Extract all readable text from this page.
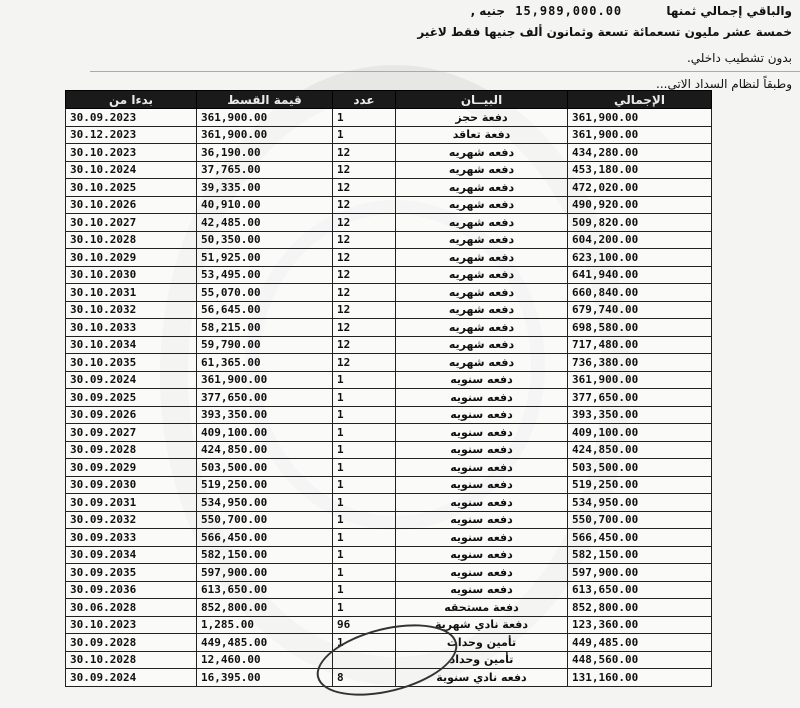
والباقي إجمالي ثمنها 15,989,000.00 جنيه ,
خمسة عشر مليون تسعمائة تسعة وثمانون ألف جنيها فقط لاغير
بدون تشطيب داخلي.
وطبقاً لنظام السداد الاتي...
بدءا من	قيمة القسط	عدد	البيــان	الإجمالي
30.09.2023	361,900.00	1	دفعة حجز	361,900.00
30.12.2023	361,900.00	1	دفعة تعاقد	361,900.00
30.10.2023	36,190.00	12	دفعه شهريه	434,280.00
30.10.2024	37,765.00	12	دفعه شهريه	453,180.00
30.10.2025	39,335.00	12	دفعه شهريه	472,020.00
30.10.2026	40,910.00	12	دفعه شهريه	490,920.00
30.10.2027	42,485.00	12	دفعه شهريه	509,820.00
30.10.2028	50,350.00	12	دفعه شهريه	604,200.00
30.10.2029	51,925.00	12	دفعه شهريه	623,100.00
30.10.2030	53,495.00	12	دفعه شهريه	641,940.00
30.10.2031	55,070.00	12	دفعه شهريه	660,840.00
30.10.2032	56,645.00	12	دفعه شهريه	679,740.00
30.10.2033	58,215.00	12	دفعه شهريه	698,580.00
30.10.2034	59,790.00	12	دفعه شهريه	717,480.00
30.10.2035	61,365.00	12	دفعه شهريه	736,380.00
30.09.2024	361,900.00	1	دفعه سنويه	361,900.00
30.09.2025	377,650.00	1	دفعه سنويه	377,650.00
30.09.2026	393,350.00	1	دفعه سنويه	393,350.00
30.09.2027	409,100.00	1	دفعه سنويه	409,100.00
30.09.2028	424,850.00	1	دفعه سنويه	424,850.00
30.09.2029	503,500.00	1	دفعه سنويه	503,500.00
30.09.2030	519,250.00	1	دفعه سنويه	519,250.00
30.09.2031	534,950.00	1	دفعه سنويه	534,950.00
30.09.2032	550,700.00	1	دفعه سنويه	550,700.00
30.09.2033	566,450.00	1	دفعه سنويه	566,450.00
30.09.2034	582,150.00	1	دفعه سنويه	582,150.00
30.09.2035	597,900.00	1	دفعه سنويه	597,900.00
30.09.2036	613,650.00	1	دفعه سنويه	613,650.00
30.06.2028	852,800.00	1	دفعة مستحقه	852,800.00
30.10.2023	1,285.00	96	دفعة نادي شهرية	123,360.00
30.09.2028	449,485.00	1	تأمين وحدات	449,485.00
30.10.2028	12,460.00		تأمين وحداد	448,560.00
30.09.2024	16,395.00	8	دفعه نادي سنوية	131,160.00
